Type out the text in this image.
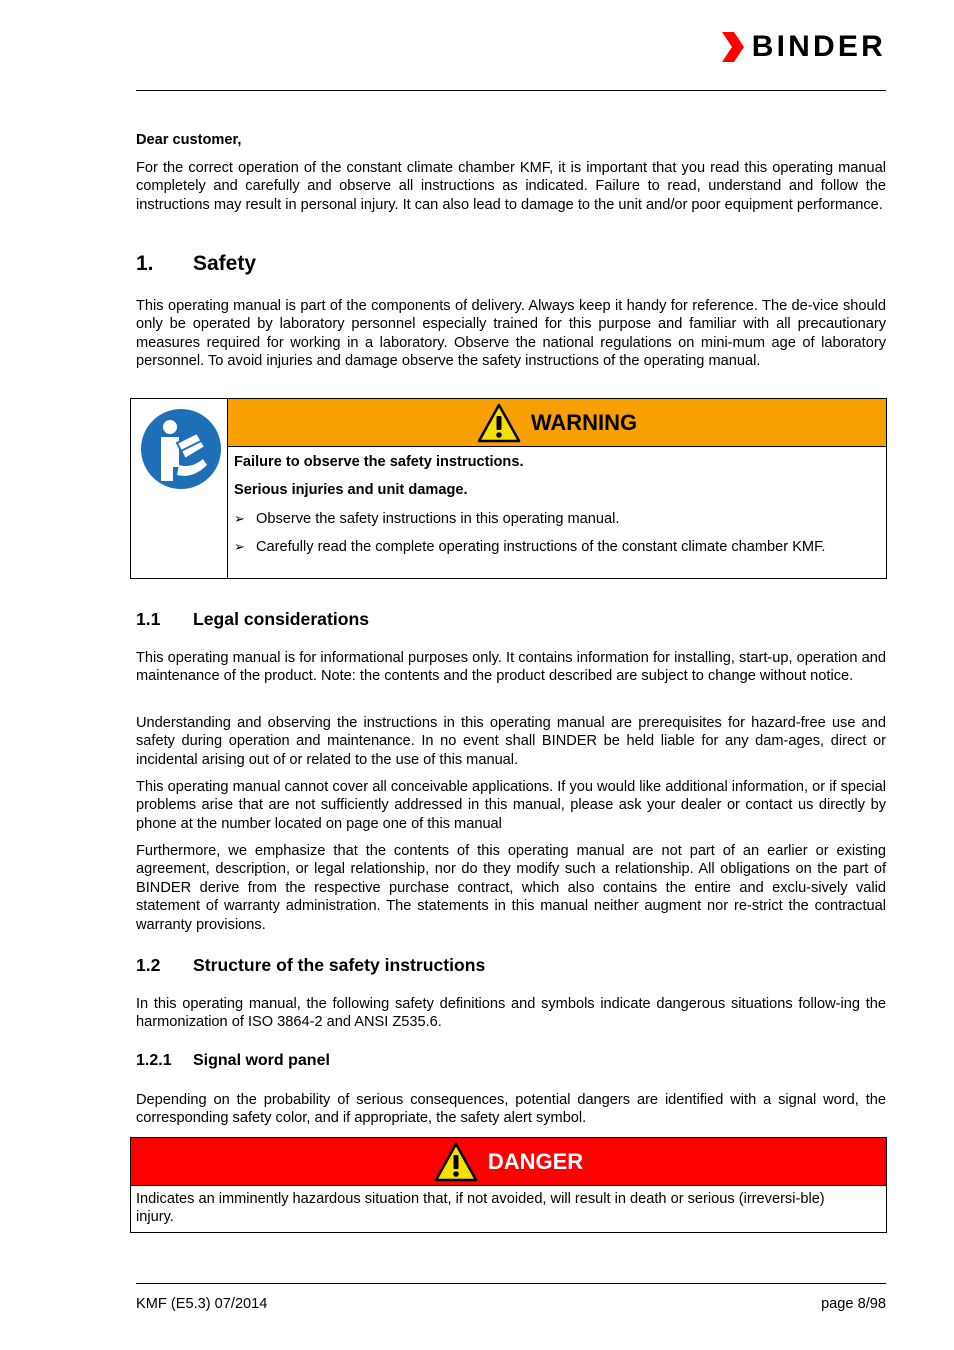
BINDER

Dear customer,

For the correct operation of the constant climate chamber KMF, it is important that you read this operating manual completely and carefully and observe all instructions as indicated. Failure to read, understand and follow the instructions may result in personal injury. It can also lead to damage to the unit and/or poor equipment performance.

1. Safety

This operating manual is part of the components of delivery. Always keep it handy for reference. The de-vice should only be operated by laboratory personnel especially trained for this purpose and familiar with all precautionary measures required for working in a laboratory. Observe the national regulations on mini-mum age of laboratory personnel. To avoid injuries and damage observe the safety instructions of the operating manual.

WARNING

Failure to observe the safety instructions.

Serious injuries and unit damage.

➢ Observe the safety instructions in this operating manual.
➢ Carefully read the complete operating instructions of the constant climate chamber KMF.
1.1 Legal considerations

This operating manual is for informational purposes only. It contains information for installing, start-up, operation and maintenance of the product. Note: the contents and the product described are subject to change without notice.

Understanding and observing the instructions in this operating manual are prerequisites for hazard-free use and safety during operation and maintenance. In no event shall BINDER be held liable for any dam-ages, direct or incidental arising out of or related to the use of this manual.

This operating manual cannot cover all conceivable applications. If you would like additional information, or if special problems arise that are not sufficiently addressed in this manual, please ask your dealer or contact us directly by phone at the number located on page one of this manual

Furthermore, we emphasize that the contents of this operating manual are not part of an earlier or existing agreement, description, or legal relationship, nor do they modify such a relationship. All obligations on the part of BINDER derive from the respective purchase contract, which also contains the entire and exclu-sively valid statement of warranty administration. The statements in this manual neither augment nor re-strict the contractual warranty provisions.

1.2 Structure of the safety instructions

In this operating manual, the following safety definitions and symbols indicate dangerous situations follow-ing the harmonization of ISO 3864-2 and ANSI Z535.6.

1.2.1 Signal word panel

Depending on the probability of serious consequences, potential dangers are identified with a signal word, the corresponding safety color, and if appropriate, the safety alert symbol.

DANGER
Indicates an imminently hazardous situation that, if not avoided, will result in death or serious (irreversi-ble) injury.
KMF (E5.3) 07/2014	page 8/98
